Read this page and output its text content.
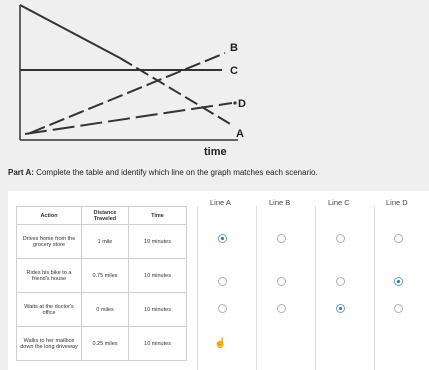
B
C
D
A
time
Part A: Complete the table and identify which line on the graph matches each scenario.
Line A	Line B	Line C	Line D
Action	Distance Traveled	Time
Drives home from the grocery store	1 mile	10 minutes
Rides his bike to a friend's house	0.75 miles	10 minutes
Waits at the doctor's office	0 miles	10 minutes
Walks to her mailbox down the long driveway	0.25 miles	10 minutes	☝
